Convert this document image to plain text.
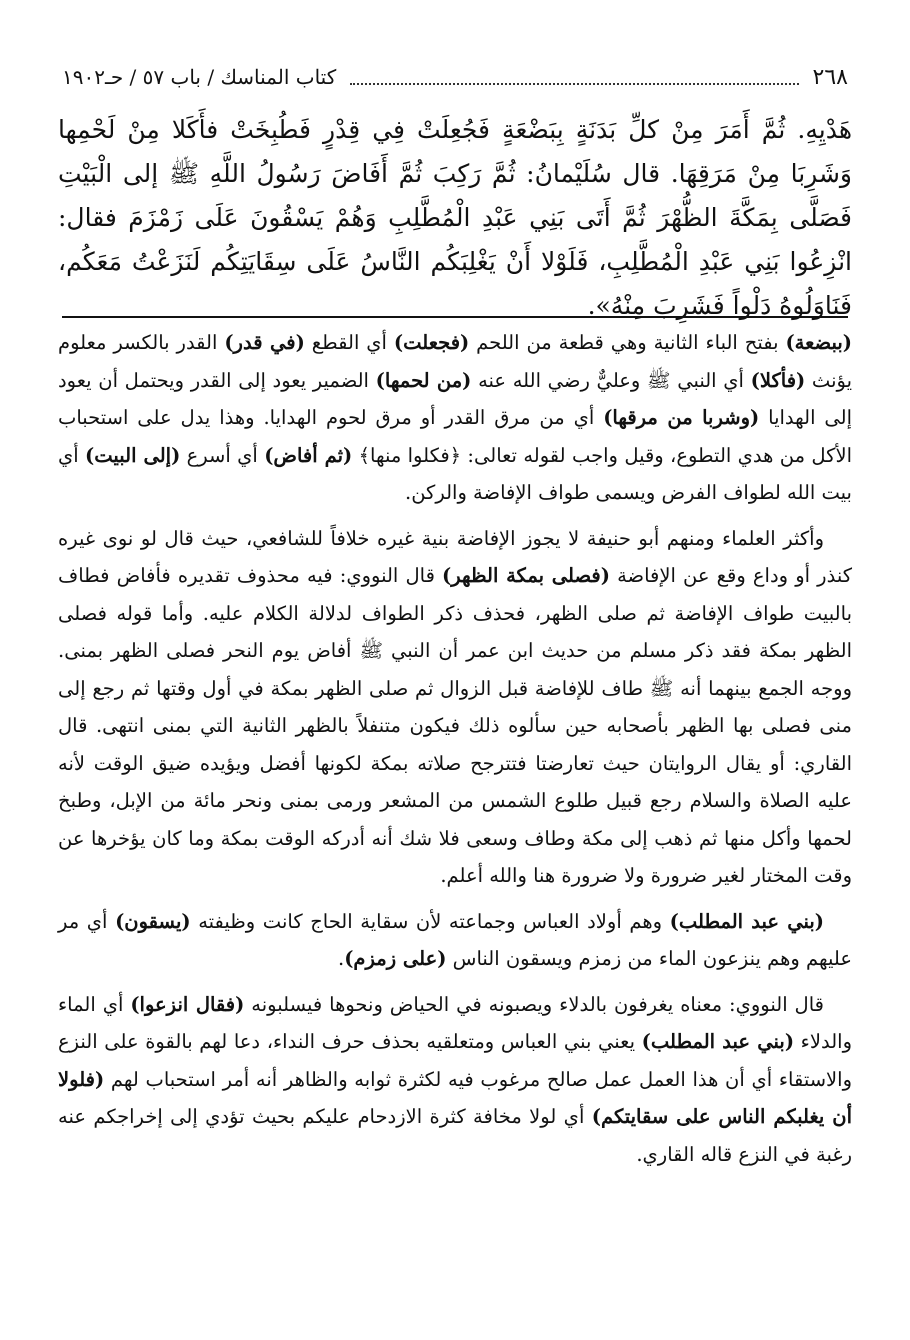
٢٦٨
كتاب المناسك / باب ٥٧ / حـ١٩٠٢
هَدْيِهِ. ثُمَّ أَمَرَ مِنْ كلِّ بَدَنَةٍ بِبَضْعَةٍ فَجُعِلَتْ فِي قِدْرٍ فَطُبِخَتْ فأَكَلا مِنْ لَحْمِها وَشَرِبَا مِنْ مَرَقِهَا. قال سُلَيْمانُ: ثُمَّ رَكِبَ ثُمَّ أَفَاضَ رَسُولُ اللَّهِ ﷺ إلى الْبَيْتِ فَصَلَّى بِمَكَّةَ الظُّهْرَ ثُمَّ أَتَى بَنِي عَبْدِ الْمُطَّلِبِ وَهُمْ يَسْقُونَ عَلَى زَمْزَمَ فقال: انْزِعُوا بَنِي عَبْدِ الْمُطَّلِبِ، فَلَوْلا أَنْ يَغْلِبَكُم النَّاسُ عَلَى سِقَايَتِكُم لَنَزَعْتُ مَعَكُم، فَنَاوَلُوهُ دَلْواً فَشَرِبَ مِنْهُ».

(ببضعة) بفتح الباء الثانية وهي قطعة من اللحم (فجعلت) أي القطع (في قدر) القدر بالكسر معلوم يؤنث (فأكلا) أي النبي ﷺ وعليٌّ رضي الله عنه (من لحمها) الضمير يعود إلى القدر ويحتمل أن يعود إلى الهدايا (وشربا من مرقها) أي من مرق القدر أو مرق لحوم الهدايا. وهذا يدل على استحباب الأكل من هدي التطوع، وقيل واجب لقوله تعالى: ﴿فكلوا منها﴾ (ثم أفاض) أي أسرع (إلى البيت) أي بيت الله لطواف الفرض ويسمى طواف الإفاضة والركن.

وأكثر العلماء ومنهم أبو حنيفة لا يجوز الإفاضة بنية غيره خلافاً للشافعي، حيث قال لو نوى غيره كنذر أو وداع وقع عن الإفاضة (فصلى بمكة الظهر) قال النووي: فيه محذوف تقديره فأفاض فطاف بالبيت طواف الإفاضة ثم صلى الظهر، فحذف ذكر الطواف لدلالة الكلام عليه. وأما قوله فصلى الظهر بمكة فقد ذكر مسلم من حديث ابن عمر أن النبي ﷺ أفاض يوم النحر فصلى الظهر بمنى. ووجه الجمع بينهما أنه ﷺ طاف للإفاضة قبل الزوال ثم صلى الظهر بمكة في أول وقتها ثم رجع إلى منى فصلى بها الظهر بأصحابه حين سألوه ذلك فيكون متنفلاً بالظهر الثانية التي بمنى انتهى. قال القاري: أو يقال الروايتان حيث تعارضتا فتترجح صلاته بمكة لكونها أفضل ويؤيده ضيق الوقت لأنه عليه الصلاة والسلام رجع قبيل طلوع الشمس من المشعر ورمى بمنى ونحر مائة من الإبل، وطبخ لحمها وأكل منها ثم ذهب إلى مكة وطاف وسعى فلا شك أنه أدركه الوقت بمكة وما كان يؤخرها عن وقت المختار لغير ضرورة ولا ضرورة هنا والله أعلم.

(بني عبد المطلب) وهم أولاد العباس وجماعته لأن سقاية الحاج كانت وظيفته (يسقون) أي مر عليهم وهم ينزعون الماء من زمزم ويسقون الناس (على زمزم).

قال النووي: معناه يغرفون بالدلاء ويصبونه في الحياض ونحوها فيسلبونه (فقال انزعوا) أي الماء والدلاء (بني عبد المطلب) يعني بني العباس ومتعلقيه بحذف حرف النداء، دعا لهم بالقوة على النزع والاستقاء أي أن هذا العمل عمل صالح مرغوب فيه لكثرة ثوابه والظاهر أنه أمر استحباب لهم (فلولا أن يغلبكم الناس على سقايتكم) أي لولا مخافة كثرة الازدحام عليكم بحيث تؤدي إلى إخراجكم عنه رغبة في النزع قاله القاري.
